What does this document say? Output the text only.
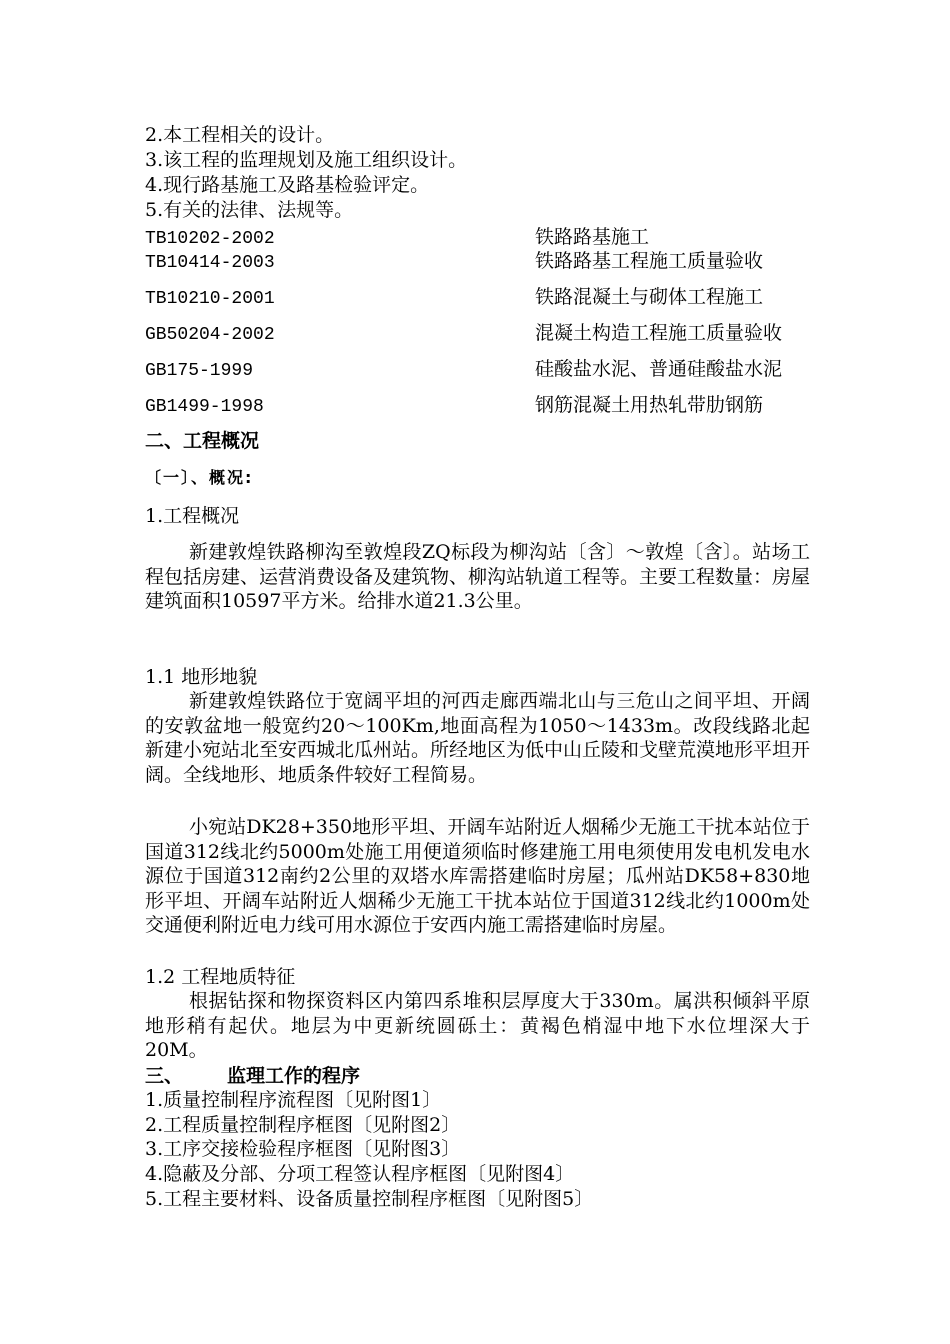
2.本工程相关的设计。
3.该工程的监理规划及施工组织设计。
4.现行路基施工及路基检验评定。
5.有关的法律、法规等。
TB10202-2002	铁路路基施工
TB10414-2003	铁路路基工程施工质量验收
TB10210-2001	铁路混凝土与砌体工程施工
GB50204-2002	混凝土构造工程施工质量验收
GB175-1999	硅酸盐水泥、普通硅酸盐水泥
GB1499-1998	钢筋混凝土用热轧带肋钢筋
二、工程概况
〔一〕、概况:
1.工程概况
新建敦煌铁路柳沟至敦煌段ZQ标段为柳沟站〔含〕～敦煌〔含〕。站场工程包括房建、运营消费设备及建筑物、柳沟站轨道工程等。主要工程数量：房屋建筑面积10597平方米。给排水道21.3公里。
1.1 地形地貌
新建敦煌铁路位于宽阔平坦的河西走廊西端北山与三危山之间平坦、开阔的安敦盆地一般宽约20～100Km,地面高程为1050～1433m。改段线路北起新建小宛站北至安西城北瓜州站。所经地区为低中山丘陵和戈壁荒漠地形平坦开阔。全线地形、地质条件较好工程简易。
小宛站DK28+350地形平坦、开阔车站附近人烟稀少无施工干扰本站位于国道312线北约5000m处施工用便道须临时修建施工用电须使用发电机发电水源位于国道312南约2公里的双塔水库需搭建临时房屋；瓜州站DK58+830地形平坦、开阔车站附近人烟稀少无施工干扰本站位于国道312线北约1000m处交通便利附近电力线可用水源位于安西内施工需搭建临时房屋。
1.2 工程地质特征
根据钻探和物探资料区内第四系堆积层厚度大于330m。属洪积倾斜平原地形稍有起伏。地层为中更新统圆砾土：黄褐色梢湿中地下水位埋深大于20M。
三、 监理工作的程序
1.质量控制程序流程图〔见附图1〕
2.工程质量控制程序框图〔见附图2〕
3.工序交接检验程序框图〔见附图3〕
4.隐蔽及分部、分项工程签认程序框图〔见附图4〕
5.工程主要材料、设备质量控制程序框图〔见附图5〕
